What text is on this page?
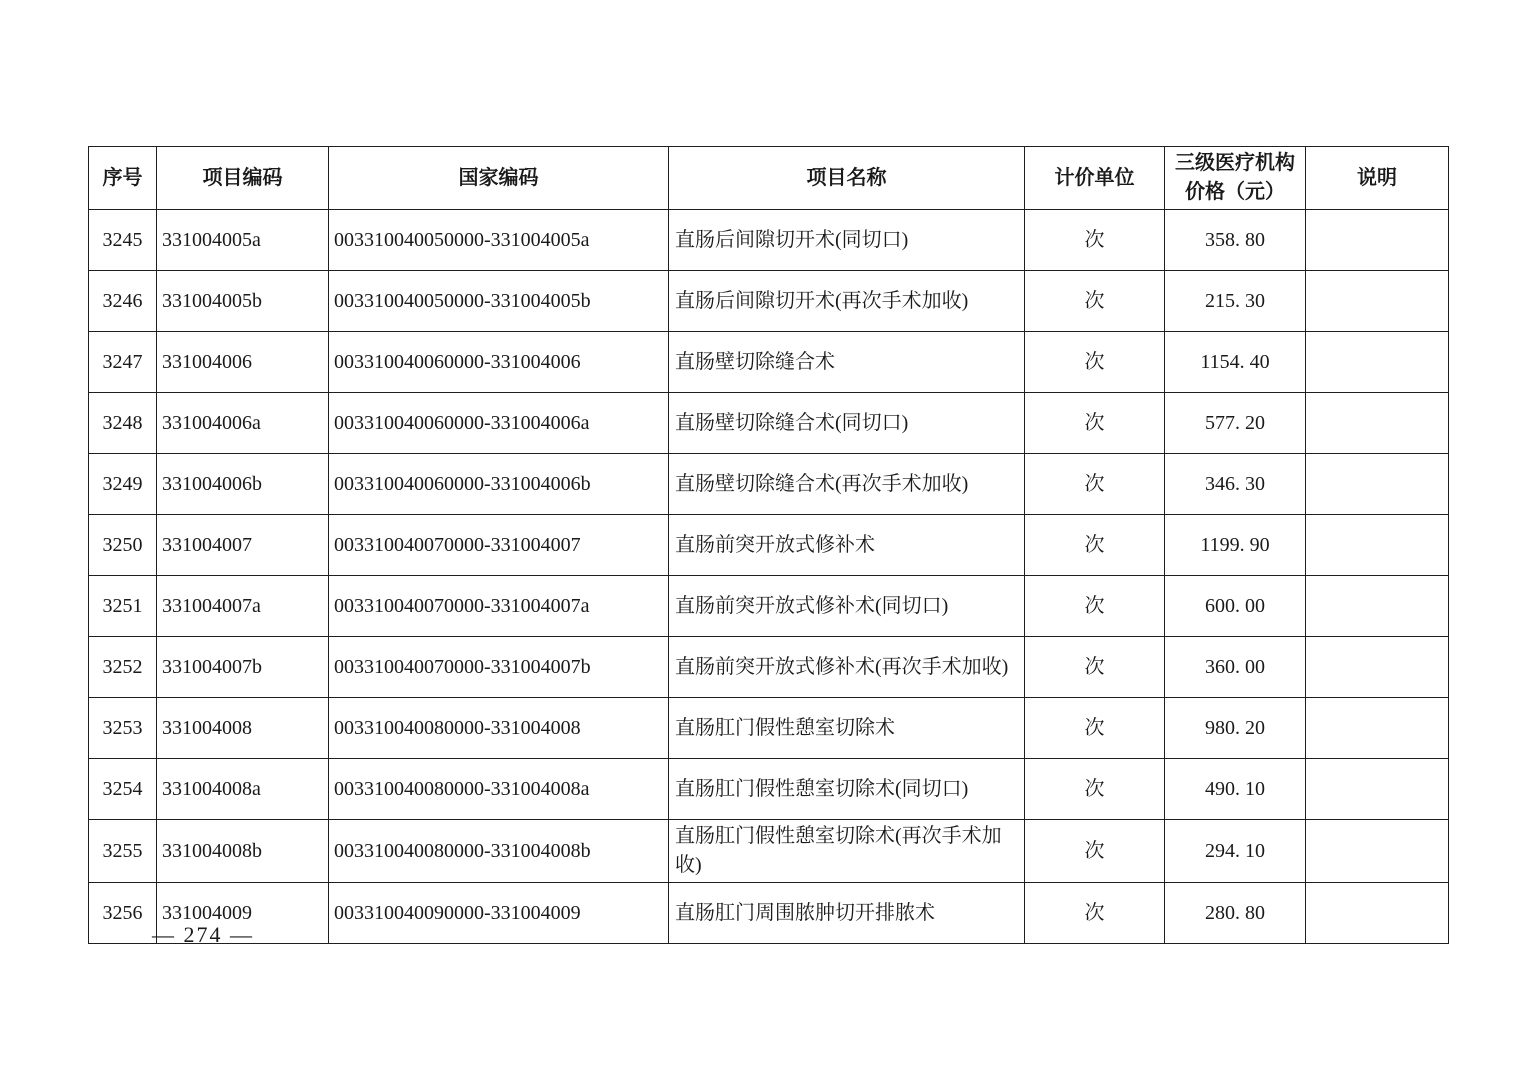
序号	项目编码	国家编码	项目名称	计价单位	三级医疗机构价格（元）	说明
3245	331004005a	003310040050000-331004005a	直肠后间隙切开术(同切口)	次	358. 80	
3246	331004005b	003310040050000-331004005b	直肠后间隙切开术(再次手术加收)	次	215. 30	
3247	331004006	003310040060000-331004006	直肠壁切除缝合术	次	1154. 40	
3248	331004006a	003310040060000-331004006a	直肠壁切除缝合术(同切口)	次	577. 20	
3249	331004006b	003310040060000-331004006b	直肠壁切除缝合术(再次手术加收)	次	346. 30	
3250	331004007	003310040070000-331004007	直肠前突开放式修补术	次	1199. 90	
3251	331004007a	003310040070000-331004007a	直肠前突开放式修补术(同切口)	次	600. 00	
3252	331004007b	003310040070000-331004007b	直肠前突开放式修补术(再次手术加收)	次	360. 00	
3253	331004008	003310040080000-331004008	直肠肛门假性憩室切除术	次	980. 20	
3254	331004008a	003310040080000-331004008a	直肠肛门假性憩室切除术(同切口)	次	490. 10	
3255	331004008b	003310040080000-331004008b	直肠肛门假性憩室切除术(再次手术加收)	次	294. 10	
3256	331004009	003310040090000-331004009	直肠肛门周围脓肿切开排脓术	次	280. 80	
— 274 —
